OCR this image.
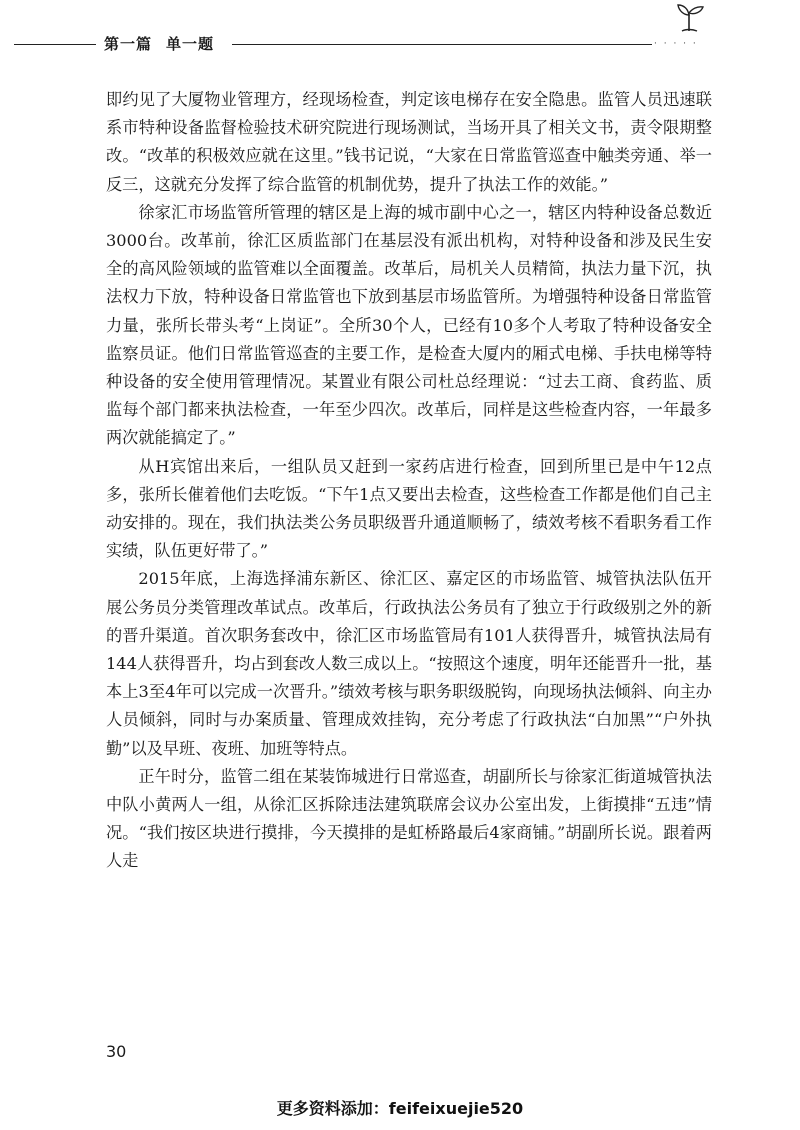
第一篇 单一题	· · · · ·

即约见了大厦物业管理方，经现场检查，判定该电梯存在安全隐患。监管人员迅速联系市特种设备监督检验技术研究院进行现场测试，当场开具了相关文书，责令限期整改。“改革的积极效应就在这里。”钱书记说，“大家在日常监管巡查中触类旁通、举一反三，这就充分发挥了综合监管的机制优势，提升了执法工作的效能。”

徐家汇市场监管所管理的辖区是上海的城市副中心之一，辖区内特种设备总数近3000台。改革前，徐汇区质监部门在基层没有派出机构，对特种设备和涉及民生安全的高风险领域的监管难以全面覆盖。改革后，局机关人员精简，执法力量下沉，执法权力下放，特种设备日常监管也下放到基层市场监管所。为增强特种设备日常监管力量，张所长带头考“上岗证”。全所30个人，已经有10多个人考取了特种设备安全监察员证。他们日常监管巡查的主要工作，是检查大厦内的厢式电梯、手扶电梯等特种设备的安全使用管理情况。某置业有限公司杜总经理说：“过去工商、食药监、质监每个部门都来执法检查，一年至少四次。改革后，同样是这些检查内容，一年最多两次就能搞定了。”

从H宾馆出来后，一组队员又赶到一家药店进行检查，回到所里已是中午12点多，张所长催着他们去吃饭。“下午1点又要出去检查，这些检查工作都是他们自己主动安排的。现在，我们执法类公务员职级晋升通道顺畅了，绩效考核不看职务看工作实绩，队伍更好带了。”

2015年底，上海选择浦东新区、徐汇区、嘉定区的市场监管、城管执法队伍开展公务员分类管理改革试点。改革后，行政执法公务员有了独立于行政级别之外的新的晋升渠道。首次职务套改中，徐汇区市场监管局有101人获得晋升，城管执法局有144人获得晋升，均占到套改人数三成以上。“按照这个速度，明年还能晋升一批，基本上3至4年可以完成一次晋升。”绩效考核与职务职级脱钩，向现场执法倾斜、向主办人员倾斜，同时与办案质量、管理成效挂钩，充分考虑了行政执法“白加黑”“户外执勤”以及早班、夜班、加班等特点。

正午时分，监管二组在某装饰城进行日常巡查，胡副所长与徐家汇街道城管执法中队小黄两人一组，从徐汇区拆除违法建筑联席会议办公室出发，上街摸排“五违”情况。“我们按区块进行摸排，今天摸排的是虹桥路最后4家商铺。”胡副所长说。跟着两人走

30
更多资料添加：feifeixuejie520
